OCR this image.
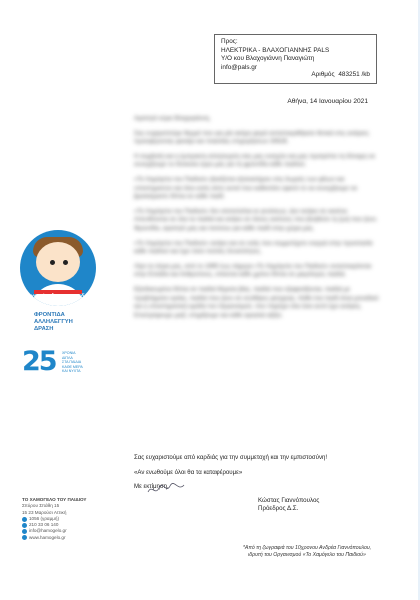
Προς:
ΗΛΕΚΤΡΙΚΑ - ΒΛΑΧΟΓΙΑΝΝΗΣ PALS
Υ/Ο κου Βλαχογιάννη Παναγιώτη
info@pals.gr
Αριθμός 483251 /kb
Αθήνα, 14 Ιανουαρίου 2021
το χαμόγελο του παιδιού
ΦΡΟΝΤΙΔΑ
ΑΛΛΗΛΕΓΓΥΗ
ΔΡΑΣΗ
25 ΧΡΟΝΙΑ
ΔΙΠΛΑ
ΣΤΑ ΠΑΙΔΙΑ
ΚΑΘΕ ΜΕΡΑ
ΚΑΙ ΝΥΧΤΑ
ΤΟ ΧΑΜΟΓΕΛΟ ΤΟΥ ΠΑΙΔΙΟΥ
Σπύρου Σπάθη 15
15 23 Μαρούσι Αττική
1056 (γραμμή)
210 33 06 140
info@hamogelo.gr
www.hamogelo.gr

Αγαπητέ κύριε Βλαχογιάννη,

Σας ευχαριστούμε θερμά που για μία ακόμη φορά ανταποκριθήκατε θετικά στις ανάγκες προσφέροντας φανάρι και ποικιλίας επιχειρήσεων 3062€.

Η συμβολή και η έμπρακτη αλληλεγγύη σας μας ενισχύει και μας προτρέπει τη δύναμη να συνεχίζουμε το δύσκολο έργο μας για τη φροντίδα κάθε παιδιού.

«Το Χαμόγελο του Παιδιού» βασίζεται εξολοκλήρου στις δωρεές των φίλων και υποστηρικτών και όλοι εσείς είστε αυτοί που καθιστάτε εφικτό το να συνεχίζουμε να βρισκόμαστε δίπλα σε κάθε παιδί.

«Το Χαμόγελο του Παιδιού» δεν αποτελείται εκ γενέσεως. Δεν ανήκει σε κανένα. Απευθύνεται σε όλα τα παιδιά και ανήκει σε όλους εκείνους που βοηθούν τη ζωή που ζουν. Φροντίδα, αγαπητέ μας και πιστεύω για κάθε παιδί στην χώρα μας.

«Το Χαμόγελο του Παιδιού» ανήκει και σε εσάς που συμμετέχετε ενεργά στην προστασία κάθε παιδιού και έχει τόσο πολλές δυνατότητες.

Λίγα τα λόγια μας, από το 1995 έως σήμερα «Το Χαμόγελο του Παιδιού» ανταποκρίνεται στην Ελλάδα και Ανθρώπους, στέκεται κάθε χρόνο δίπλα σε μικρότερες παιδιά.

Εξειδικευμένα δίπλα σε παιδιά θύματα βίας, παιδιά που εξαφανίζονται, παιδιά με προβλήματα υγείας, παιδιά που ζουν σε συνθήκες φτώχειας. Κάθε ένα παιδί είναι μοναδικό και η υποστηρικτική ομάδα του Οργανισμού, που παρέχει όλα όσα αυτό έχει ανάγκη. Επιστρέφουμε μαζί, στηρίζουμε και κάθε αγκαλιά αξίζει.

Σας ευχαριστούμε από καρδιάς για την συμμετοχή και την εμπιστοσύνη!

«Αν ενωθούμε όλοι θα τα καταφέρουμε»

Με εκτίμηση,

Κώστας Γιαννόπουλος
Πρόεδρος Δ.Σ.
*Από τη ζωγραφιά του 10χρονου Ανδρέα Γιαννόπουλου,
ιδρυτή του Οργανισμού «Το Χαμόγελο του Παιδιού»
